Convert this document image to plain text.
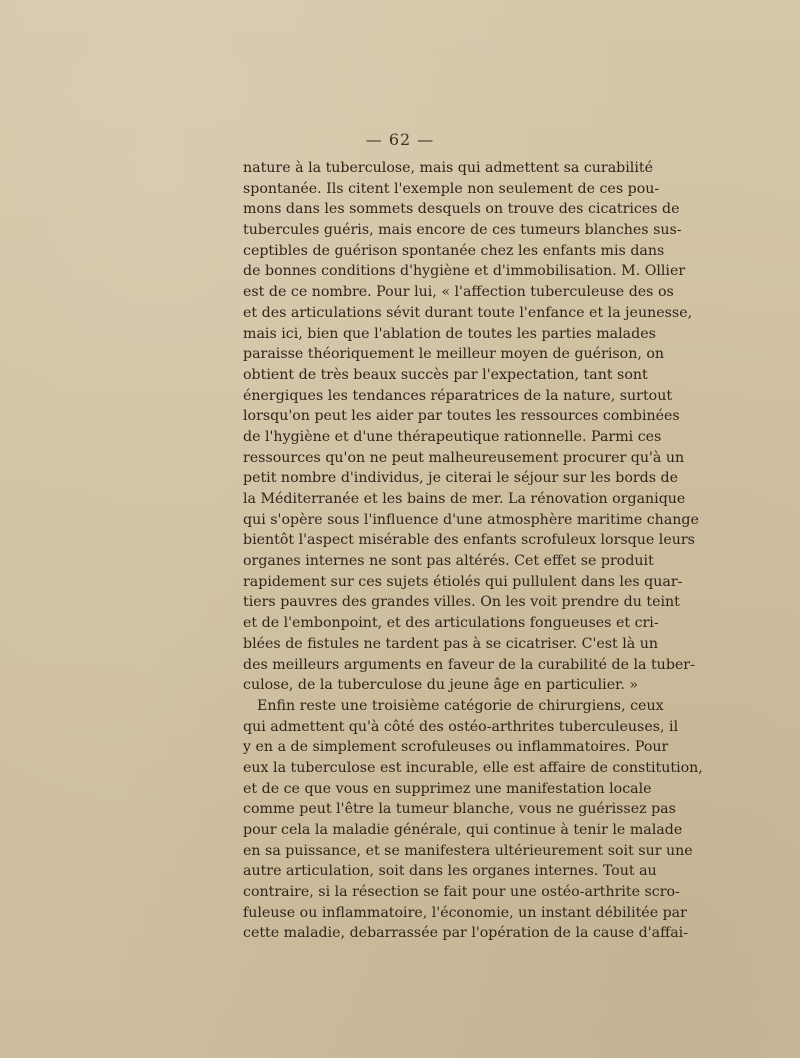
— 62 —
nature à la tuberculose, mais qui admettent sa curabilité
spontanée. Ils citent l'exemple non seulement de ces pou-
mons dans les sommets desquels on trouve des cicatrices de
tubercules guéris, mais encore de ces tumeurs blanches sus-
ceptibles de guérison spontanée chez les enfants mis dans
de bonnes conditions d'hygiène et d'immobilisation. M. Ollier
est de ce nombre. Pour lui, « l'affection tuberculeuse des os
et des articulations sévit durant toute l'enfance et la jeunesse,
mais ici, bien que l'ablation de toutes les parties malades
paraisse théoriquement le meilleur moyen de guérison, on
obtient de très beaux succès par l'expectation, tant sont
énergiques les tendances réparatrices de la nature, surtout
lorsqu'on peut les aider par toutes les ressources combinées
de l'hygiène et d'une thérapeutique rationnelle. Parmi ces
ressources qu'on ne peut malheureusement procurer qu'à un
petit nombre d'individus, je citerai le séjour sur les bords de
la Méditerranée et les bains de mer. La rénovation organique
qui s'opère sous l'influence d'une atmosphère maritime change
bientôt l'aspect misérable des enfants scrofuleux lorsque leurs
organes internes ne sont pas altérés. Cet effet se produit
rapidement sur ces sujets étiolés qui pullulent dans les quar-
tiers pauvres des grandes villes. On les voit prendre du teint
et de l'embonpoint, et des articulations fongueuses et cri-
blées de fistules ne tardent pas à se cicatriser. C'est là un
des meilleurs arguments en faveur de la curabilité de la tuber-
culose, de la tuberculose du jeune âge en particulier. »
Enfin reste une troisième catégorie de chirurgiens, ceux
qui admettent qu'à côté des ostéo-arthrites tuberculeuses, il
y en a de simplement scrofuleuses ou inflammatoires. Pour
eux la tuberculose est incurable, elle est affaire de constitution,
et de ce que vous en supprimez une manifestation locale
comme peut l'être la tumeur blanche, vous ne guérissez pas
pour cela la maladie générale, qui continue à tenir le malade
en sa puissance, et se manifestera ultérieurement soit sur une
autre articulation, soit dans les organes internes. Tout au
contraire, si la résection se fait pour une ostéo-arthrite scro-
fuleuse ou inflammatoire, l'économie, un instant débilitée par
cette maladie, debarrassée par l'opération de la cause d'affai-
